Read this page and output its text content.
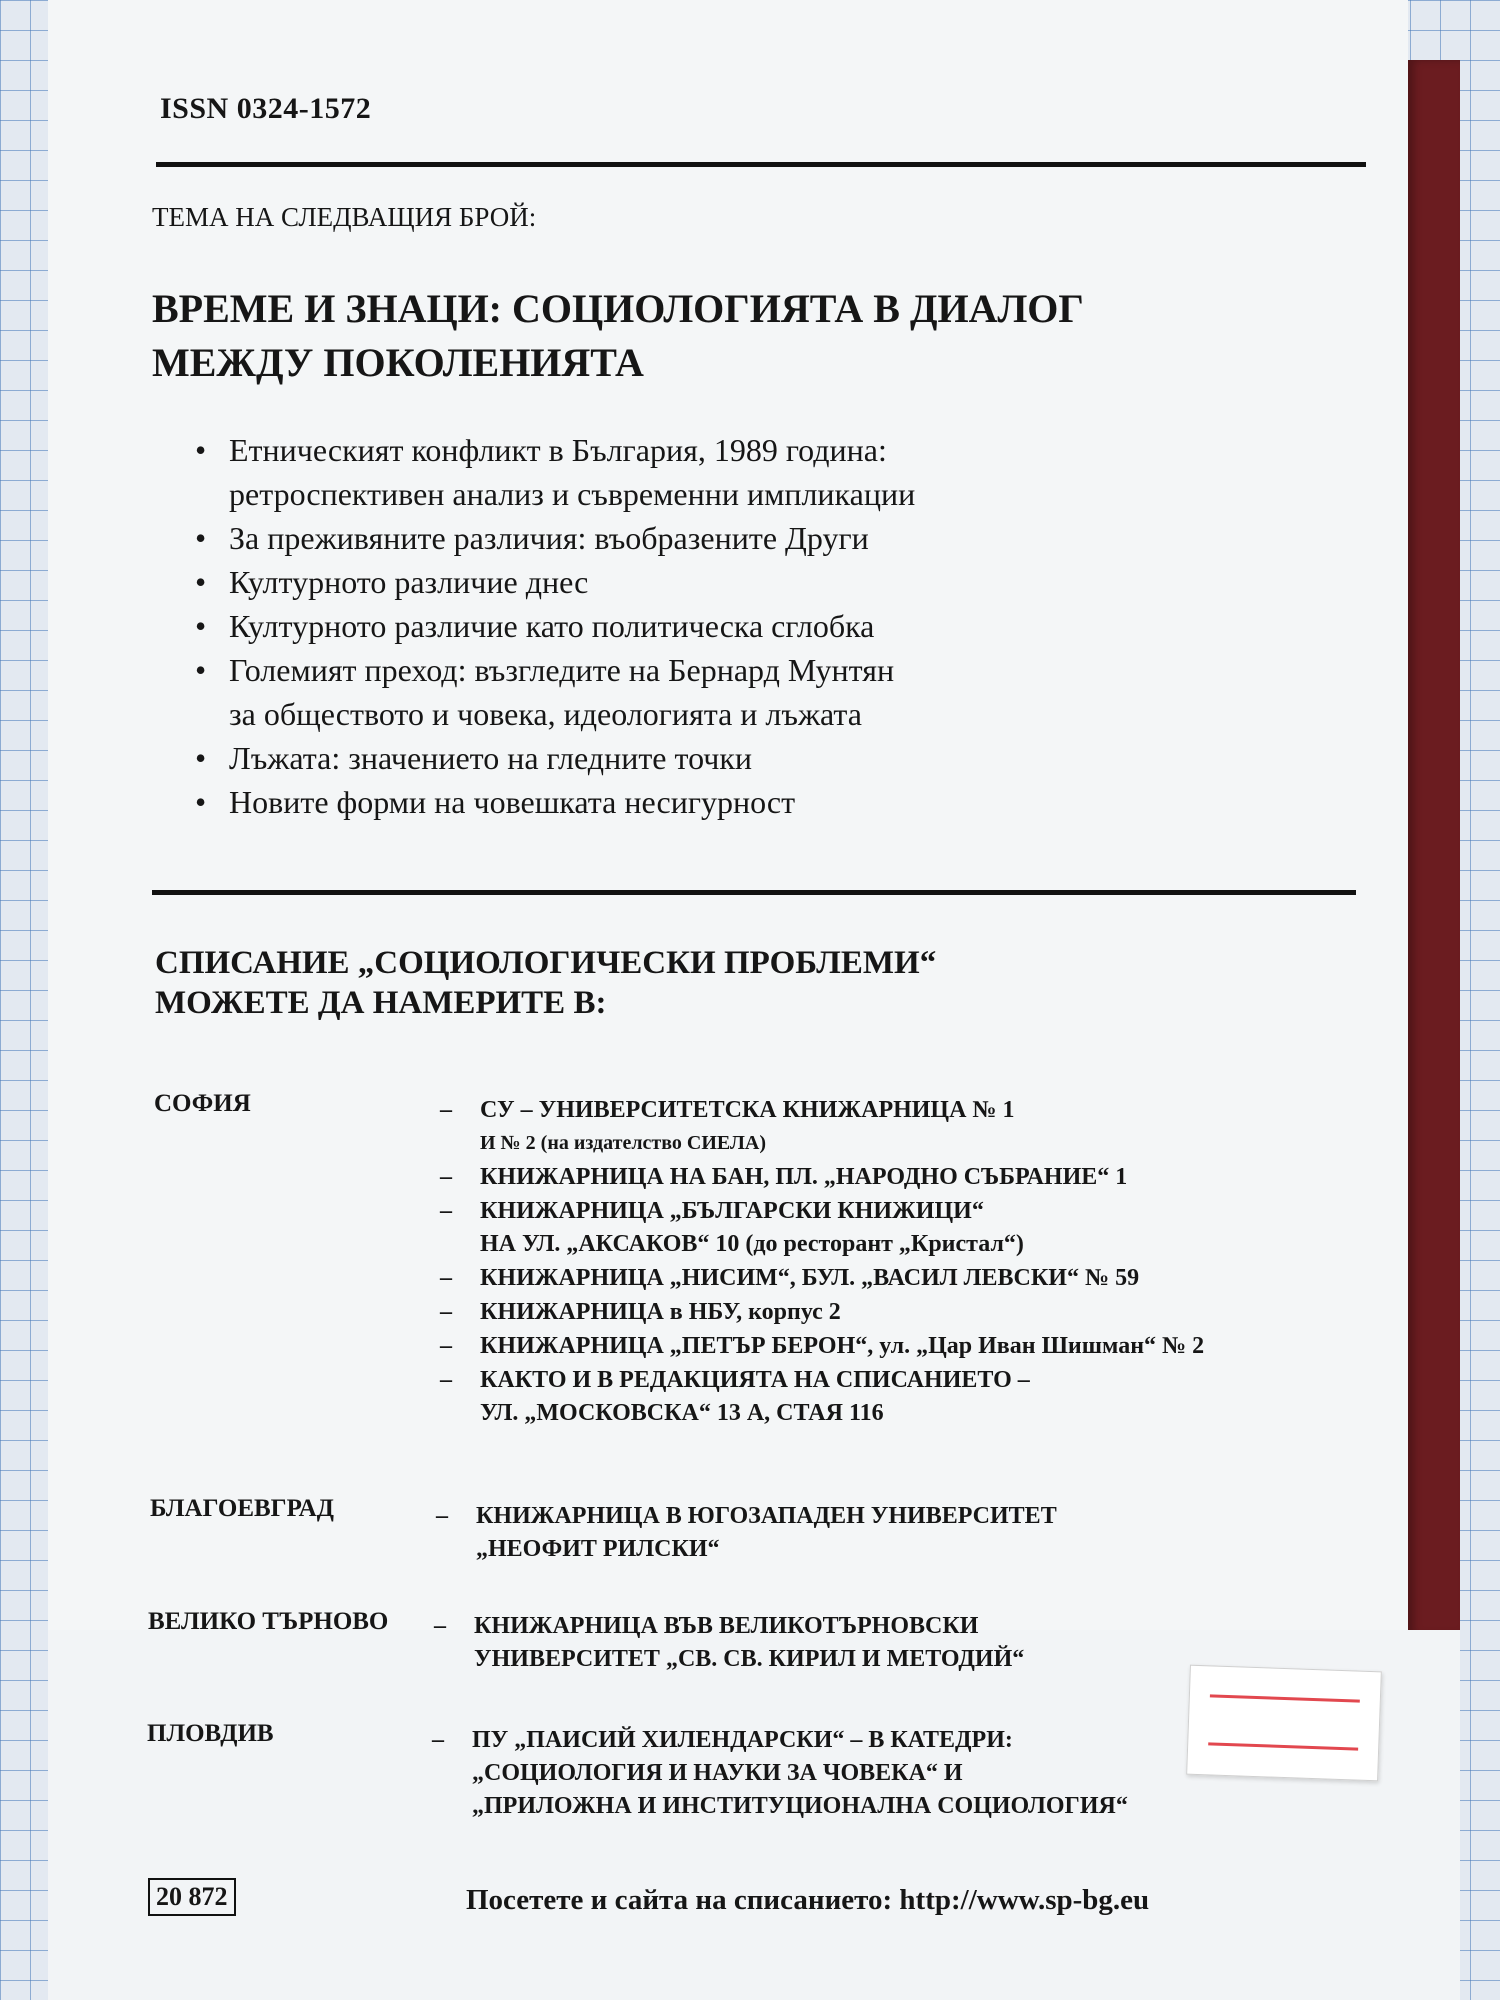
ISSN 0324-1572
ТЕМА НА СЛЕДВАЩИЯ БРОЙ:
ВРЕМЕ И ЗНАЦИ: СОЦИОЛОГИЯТА В ДИАЛОГ
МЕЖДУ ПОКОЛЕНИЯТА
• Етническият конфликт в България, 1989 година:
ретроспективен анализ и съвременни импликации
• За преживяните различия: въобразените Други
• Културното различие днес
• Културното различие като политическа сглобка
• Големият преход: възгледите на Бернард Мунтян
за обществото и човека, идеологията и лъжата
• Лъжата: значението на гледните точки
• Новите форми на човешката несигурност
СПИСАНИЕ „СОЦИОЛОГИЧЕСКИ ПРОБЛЕМИ“
МОЖЕТЕ ДА НАМЕРИТЕ В:
СОФИЯ	– СУ – УНИВЕРСИТЕТСКА КНИЖАРНИЦА № 1
И № 2 (на издателство СИЕЛА)
– КНИЖАРНИЦА НА БАН, ПЛ. „НАРОДНО СЪБРАНИЕ“ 1
– КНИЖАРНИЦА „БЪЛГАРСКИ КНИЖИЦИ“
НА УЛ. „АКСАКОВ“ 10 (до ресторант „Кристал“)
– КНИЖАРНИЦА „НИСИМ“, БУЛ. „ВАСИЛ ЛЕВСКИ“ № 59
– КНИЖАРНИЦА в НБУ, корпус 2
– КНИЖАРНИЦА „ПЕТЪР БЕРОН“, ул. „Цар Иван Шишман“ № 2
– КАКТО И В РЕДАКЦИЯТА НА СПИСАНИЕТО –
УЛ. „МОСКОВСКА“ 13 А, СТАЯ 116
БЛАГОЕВГРАД	– КНИЖАРНИЦА В ЮГОЗАПАДЕН УНИВЕРСИТЕТ
„НЕОФИТ РИЛСКИ“
ВЕЛИКО ТЪРНОВО	– КНИЖАРНИЦА ВЪВ ВЕЛИКОТЪРНОВСКИ
УНИВЕРСИТЕТ „СВ. СВ. КИРИЛ И МЕТОДИЙ“
ПЛОВДИВ	– ПУ „ПАИСИЙ ХИЛЕНДАРСКИ“ – В КАТЕДРИ:
„СОЦИОЛОГИЯ И НАУКИ ЗА ЧОВЕКА“ И
„ПРИЛОЖНА И ИНСТИТУЦИОНАЛНА СОЦИОЛОГИЯ“
20 872	Посетете и сайта на списанието: http://www.sp-bg.eu
